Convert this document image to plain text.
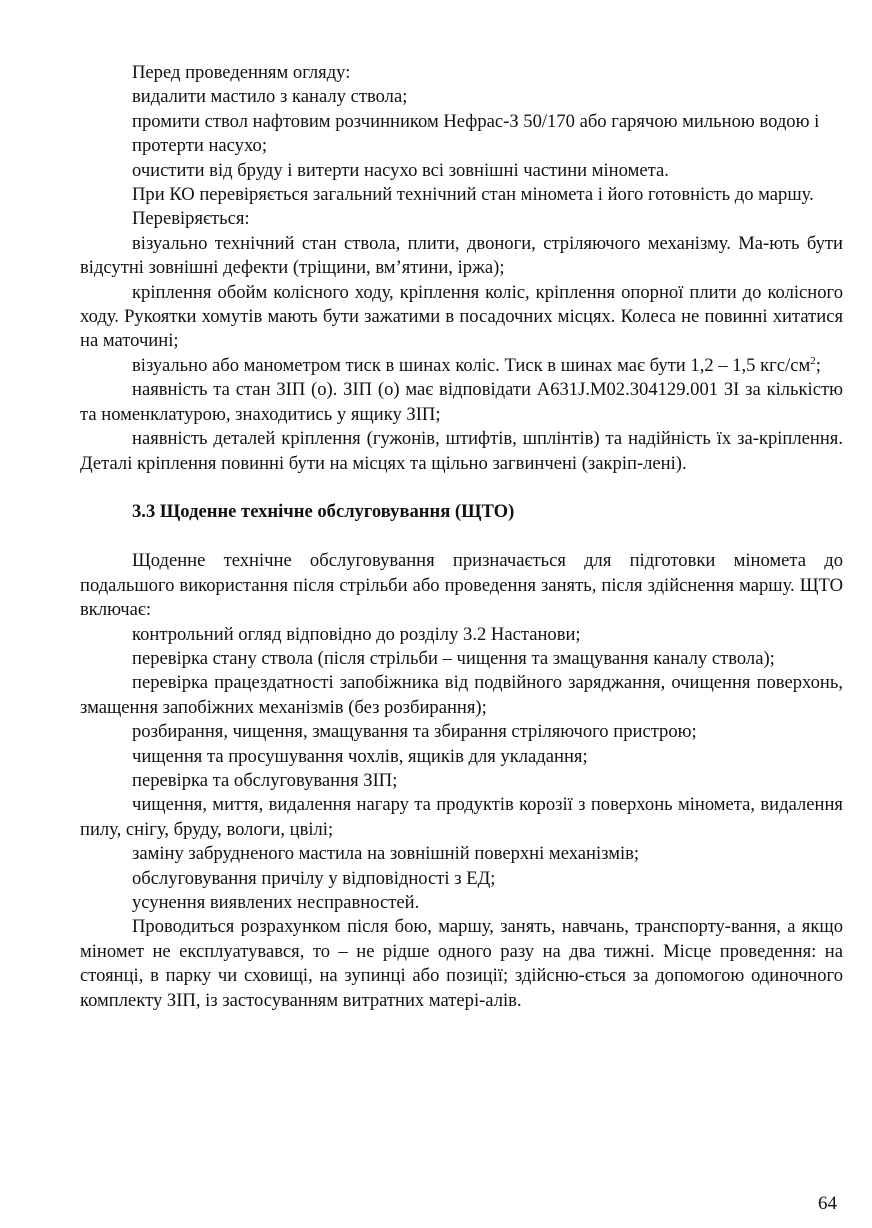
Перед проведенням огляду:

видалити мастило з каналу ствола;

промити ствол нафтовим розчинником Нефрас-З 50/170 або гарячою мильною водою і

протерти насухо;

очистити від бруду і витерти насухо всі зовнішні частини міномета.

При КО перевіряється загальний технічний стан міномета і його готовність до маршу.

Перевіряється:

візуально технічний стан ствола, плити, двоноги, стріляючого механізму. Ма-ють бути відсутні зовнішні дефекти (тріщини, вм’ятини, іржа);

кріплення обойм колісного ходу, кріплення коліс, кріплення опорної плити до колісного ходу. Рукоятки хомутів мають бути зажатими в посадочних місцях. Колеса не повинні хитатися на маточині;

візуально або манометром тиск в шинах коліс. Тиск в шинах має бути 1,2 – 1,5 кгс/$см^2$;

наявність та стан ЗІП (о). ЗІП (о) має відповідати А631J.М02.304129.001 ЗІ за кількістю та номенклатурою, знаходитись у ящику ЗІП;

наявність деталей кріплення (гужонів, штифтів, шплінтів) та надійність їх за-кріплення. Деталі кріплення повинні бути на місцях та щільно загвинчені (закріп-лені).

3.3 Щоденне технічне обслуговування (ЩТО)

Щоденне технічне обслуговування призначається для підготовки міномета до подальшого використання після стрільби або проведення занять, після здійснення маршу. ЩТО включає:

контрольний огляд відповідно до розділу 3.2 Настанови;

перевірка стану ствола (після стрільби – чищення та змащування каналу ствола);

перевірка працездатності запобіжника від подвійного заряджання, очищення поверхонь, змащення запобіжних механізмів (без розбирання);

розбирання, чищення, змащування та збирання стріляючого пристрою;

чищення та просушування чохлів, ящиків для укладання;

перевірка та обслуговування ЗІП;

чищення, миття, видалення нагару та продуктів корозії з поверхонь міномета, видалення пилу, снігу, бруду, вологи, цвілі;

заміну забрудненого мастила на зовнішній поверхні механізмів;

обслуговування причілу у відповідності з ЕД;

усунення виявлених несправностей.

Проводиться розрахунком після бою, маршу, занять, навчань, транспорту-вання, а якщо міномет не експлуатувався, то – не рідше одного разу на два тижні. Місце проведення: на стоянці, в парку чи сховищі, на зупинці або позиції; здійсню-ється за допомогою одиночного комплекту ЗІП, із застосуванням витратних матері-алів.

64
